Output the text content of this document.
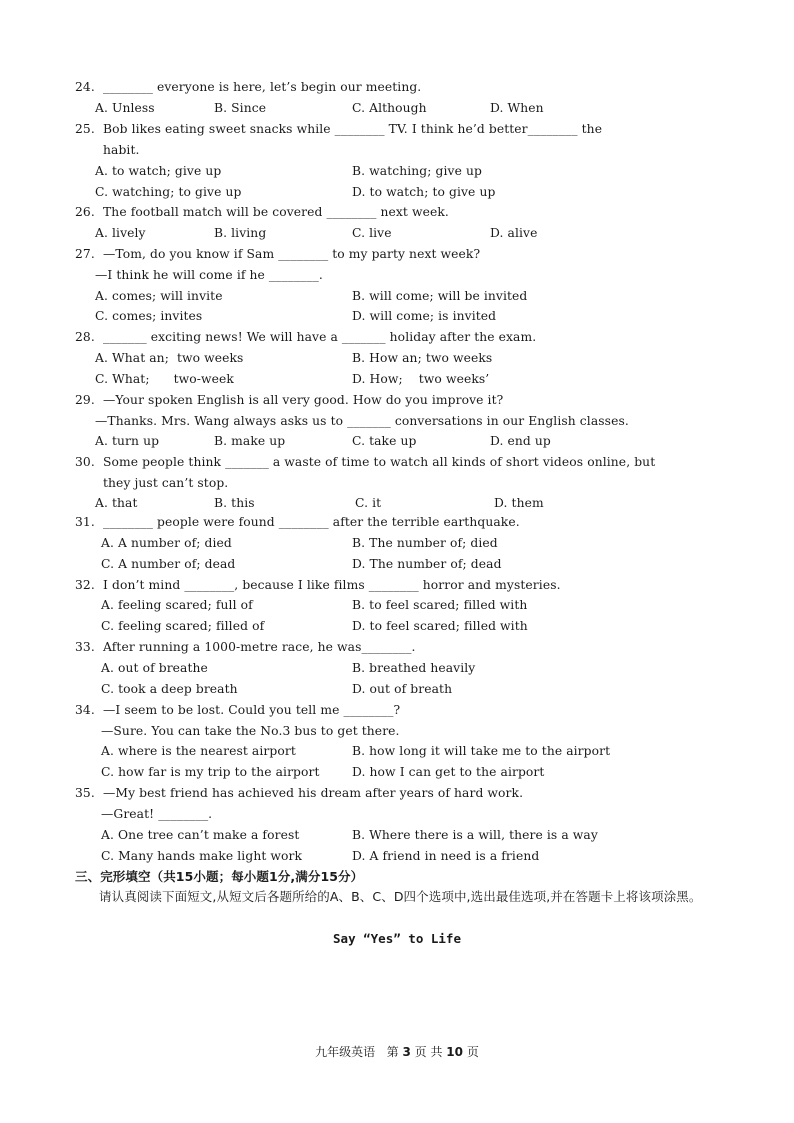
24. ________ everyone is here, let’s begin our meeting.
A. Unless	B. Since	C. Although	D. When
25. Bob likes eating sweet snacks while ________ TV. I think he’d better________ the
habit.
A. to watch; give up	B. watching; give up
C. watching; to give up	D. to watch; to give up
26. The football match will be covered ________ next week.
A. lively	B. living	C. live	D. alive
27. —Tom, do you know if Sam ________ to my party next week?
—I think he will come if he ________.
A. comes; will invite	B. will come; will be invited
C. comes; invites	D. will come; is invited
28. _______ exciting news! We will have a _______ holiday after the exam.
A. What an;  two weeks	B. How an; two weeks
C. What;      two-week	D. How;    two weeks’
29. —Your spoken English is all very good. How do you improve it?
—Thanks. Mrs. Wang always asks us to _______ conversations in our English classes.
A. turn up	B. make up	C. take up	D. end up
30. Some people think _______ a waste of time to watch all kinds of short videos online, but
they just can’t stop.
A. that	B. this	C. it	D. them
31. ________ people were found ________ after the terrible earthquake.
A. A number of; died	B. The number of; died
C. A number of; dead	D. The number of; dead
32. I don’t mind ________, because I like films ________ horror and mysteries.
A. feeling scared; full of	B. to feel scared; filled with
C. feeling scared; filled of	D. to feel scared; filled with
33. After running a 1000-metre race, he was________.
A. out of breathe	B. breathed heavily
C. took a deep breath	D. out of breath
34. —I seem to be lost. Could you tell me ________?
—Sure. You can take the No.3 bus to get there.
A. where is the nearest airport	B. how long it will take me to the airport
C. how far is my trip to the airport	D. how I can get to the airport
35. —My best friend has achieved his dream after years of hard work.
—Great! ________.
A. One tree can’t make a forest	B. Where there is a will, there is a way
C. Many hands make light work	D. A friend in need is a friend
三、完形填空（共15小题；每小题1分,满分15分）
请认真阅读下面短文,从短文后各题所给的A、B、C、D四个选项中,选出最佳选项,并在答题卡上将该项涂黑。
Say “Yes” to Life
九年级英语 第 3 页 共 10 页
